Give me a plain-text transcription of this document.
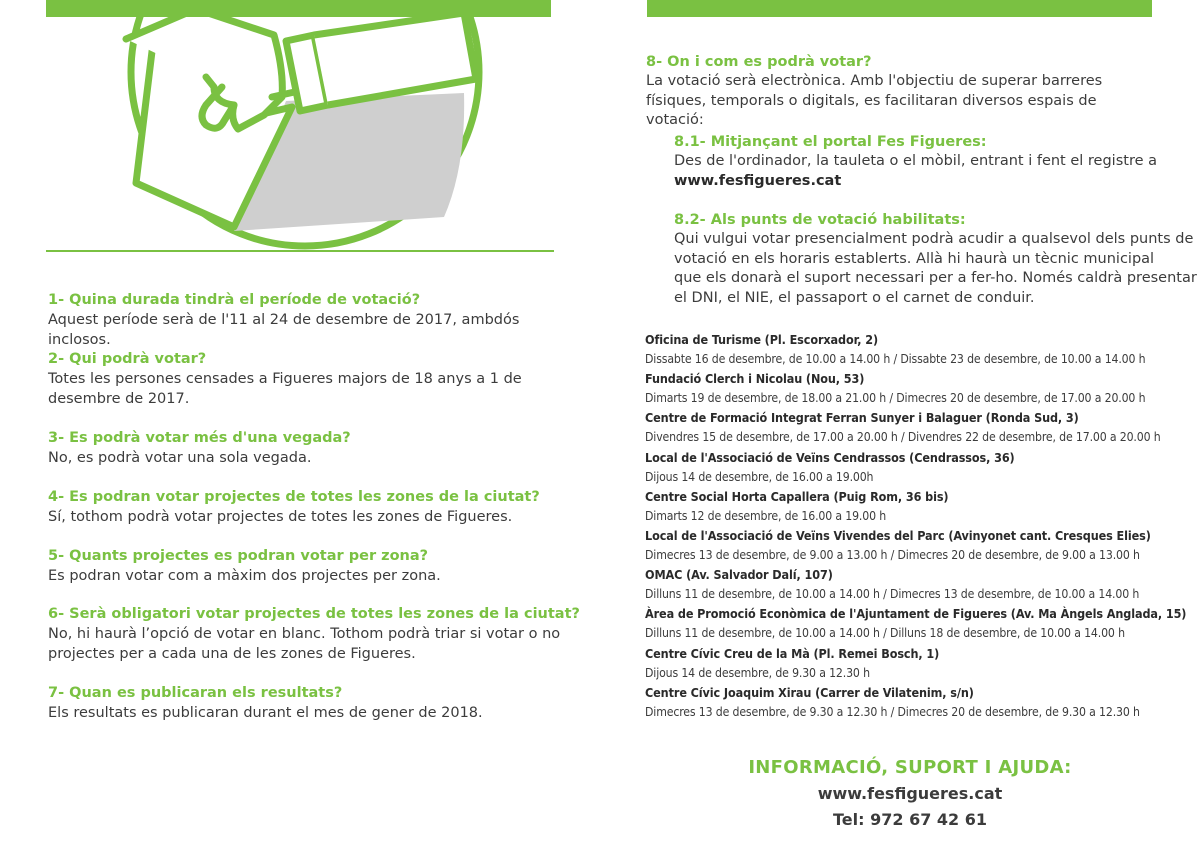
1- Quina durada tindrà el període de votació?
Aquest període serà de l'11 al 24 de desembre de 2017, ambdós inclosos.
2- Qui podrà votar?
Totes les persones censades a Figueres majors de 18 anys a 1 de desembre de 2017.
3- Es podrà votar més d'una vegada?
No, es podrà votar una sola vegada.
4- Es podran votar projectes de totes les zones de la ciutat?
Sí, tothom podrà votar projectes de totes les zones de Figueres.
5- Quants projectes es podran votar per zona?
Es podran votar com a màxim dos projectes per zona.
6- Serà obligatori votar projectes de totes les zones de la ciutat?
No, hi haurà l’opció de votar en blanc. Tothom podrà triar si votar o no projectes per a cada una de les zones de Figueres.
7- Quan es publicaran els resultats?
Els resultats es publicaran durant el mes de gener de 2018.
8- On i com es podrà votar?
La votació serà electrònica. Amb l'objectiu de superar barreres físiques, temporals o digitals, es facilitaran diversos espais de votació:
8.1- Mitjançant el portal Fes Figueres:
Des de l'ordinador, la tauleta o el mòbil, entrant i fent el registre a
www.fesfigueres.cat
8.2- Als punts de votació habilitats:
Qui vulgui votar presencialment podrà acudir a qualsevol dels punts de
votació en els horaris establerts. Allà hi haurà un tècnic municipal
que els donarà el suport necessari per a fer-ho. Només caldrà presentar
el DNI, el NIE, el passaport o el carnet de conduir.
Oficina de Turisme (Pl. Escorxador, 2)
Dissabte 16 de desembre, de 10.00 a 14.00 h / Dissabte 23 de desembre, de 10.00 a 14.00 h
Fundació Clerch i Nicolau (Nou, 53)
Dimarts 19 de desembre, de 18.00 a 21.00 h / Dimecres 20 de desembre, de 17.00 a 20.00 h
Centre de Formació Integrat Ferran Sunyer i Balaguer (Ronda Sud, 3)
Divendres 15 de desembre, de 17.00 a 20.00 h / Divendres 22 de desembre, de 17.00 a 20.00 h
Local de l'Associació de Veïns Cendrassos (Cendrassos, 36)
Dijous 14 de desembre, de 16.00 a 19.00h
Centre Social Horta Capallera (Puig Rom, 36 bis)
Dimarts 12 de desembre, de 16.00 a 19.00 h
Local de l'Associació de Veïns Vivendes del Parc (Avinyonet cant. Cresques Elies)
Dimecres 13 de desembre, de 9.00 a 13.00 h / Dimecres 20 de desembre, de 9.00 a 13.00 h
OMAC (Av. Salvador Dalí, 107)
Dilluns 11 de desembre, de 10.00 a 14.00 h / Dimecres 13 de desembre, de 10.00 a 14.00 h
Àrea de Promoció Econòmica de l'Ajuntament de Figueres (Av. Ma Àngels Anglada, 15)
Dilluns 11 de desembre, de 10.00 a 14.00 h / Dilluns 18 de desembre, de 10.00 a 14.00 h
Centre Cívic Creu de la Mà (Pl. Remei Bosch, 1)
Dijous 14 de desembre, de 9.30 a 12.30 h
Centre Cívic Joaquim Xirau (Carrer de Vilatenim, s/n)
Dimecres 13 de desembre, de 9.30 a 12.30 h / Dimecres 20 de desembre, de 9.30 a 12.30 h
INFORMACIÓ, SUPORT I AJUDA:
www.fesfigueres.cat
Tel: 972 67 42 61
